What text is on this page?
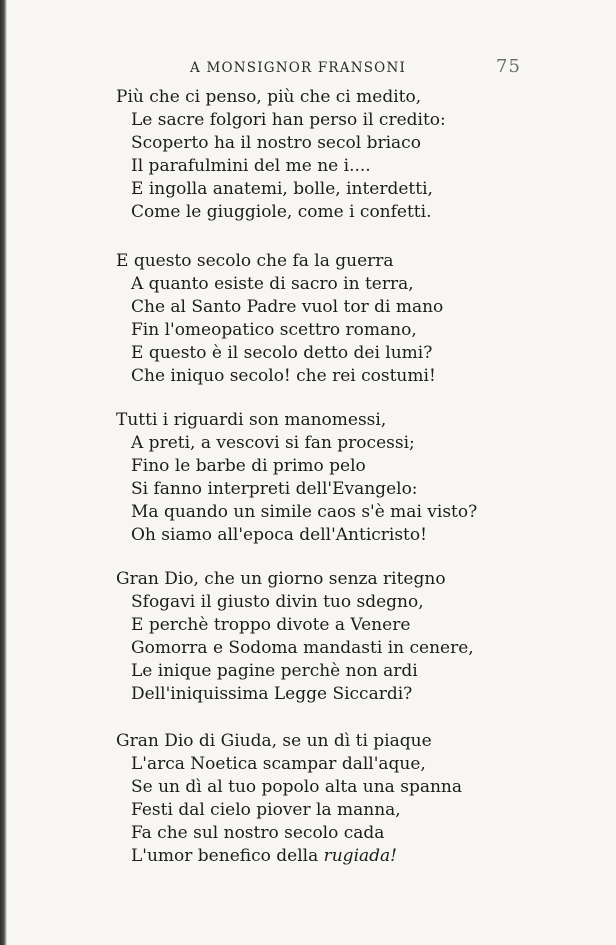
A MONSIGNOR FRANSONI	75
Più che ci penso, più che ci medito,
Le sacre folgori han perso il credito:
Scoperto ha il nostro secol briaco
Il parafulmini del me ne i....
E ingolla anatemi, bolle, interdetti,
Come le giuggiole, come i confetti.
E questo secolo che fa la guerra
A quanto esiste di sacro in terra,
Che al Santo Padre vuol tor di mano
Fin l'omeopatico scettro romano,
E questo è il secolo detto dei lumi?
Che iniquo secolo! che rei costumi!
Tutti i riguardi son manomessi,
A preti, a vescovi si fan processi;
Fino le barbe di primo pelo
Si fanno interpreti dell'Evangelo:
Ma quando un simile caos s'è mai visto?
Oh siamo all'epoca dell'Anticristo!
Gran Dio, che un giorno senza ritegno
Sfogavi il giusto divin tuo sdegno,
E perchè troppo divote a Venere
Gomorra e Sodoma mandasti in cenere,
Le inique pagine perchè non ardi
Dell'iniquissima Legge Siccardi?
Gran Dio di Giuda, se un dì ti piaque
L'arca Noetica scampar dall'aque,
Se un dì al tuo popolo alta una spanna
Festi dal cielo piover la manna,
Fa che sul nostro secolo cada
L'umor benefico della rugiada!
